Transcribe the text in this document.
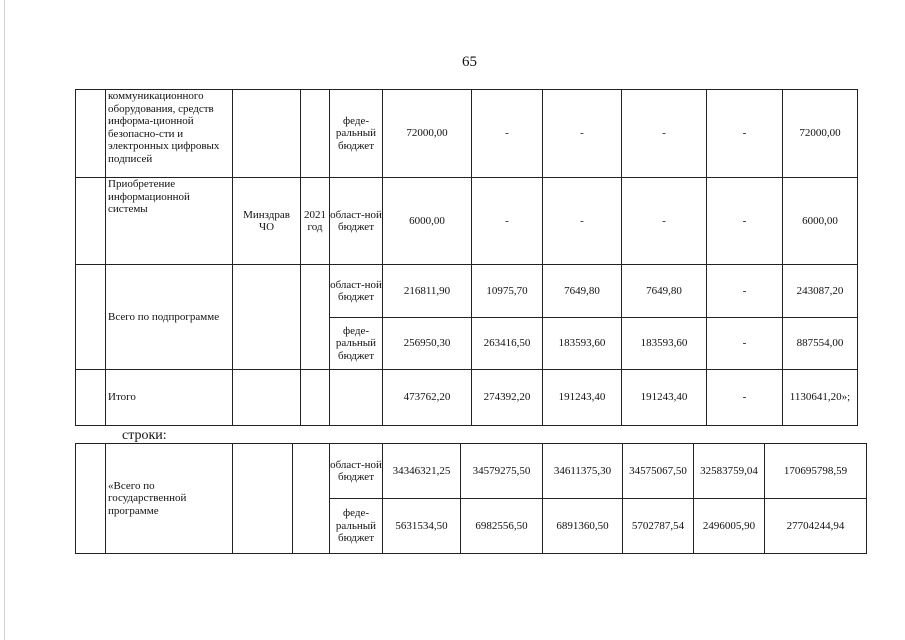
65
	коммуникационного оборудования, средств информа-ционной безопасно-сти и электронных цифровых подписей			феде-ральный бюджет	72000,00	-	-	-	-	72000,00
	Приобретение информационной системы	Минздрав ЧО	2021 год	област-ной бюджет	6000,00	-	-	-	-	6000,00
	Всего по подпрограмме			област-ной бюджет	216811,90	10975,70	7649,80	7649,80	-	243087,20
				феде-ральный бюджет	256950,30	263416,50	183593,60	183593,60	-	887554,00
	Итого				473762,20	274392,20	191243,40	191243,40	-	1130641,20»;
строки:
	«Всего по государственной программе			област-ной бюджет	34346321,25	34579275,50	34611375,30	34575067,50	32583759,04	170695798,59
				феде-ральный бюджет	5631534,50	6982556,50	6891360,50	5702787,54	2496005,90	27704244,94
